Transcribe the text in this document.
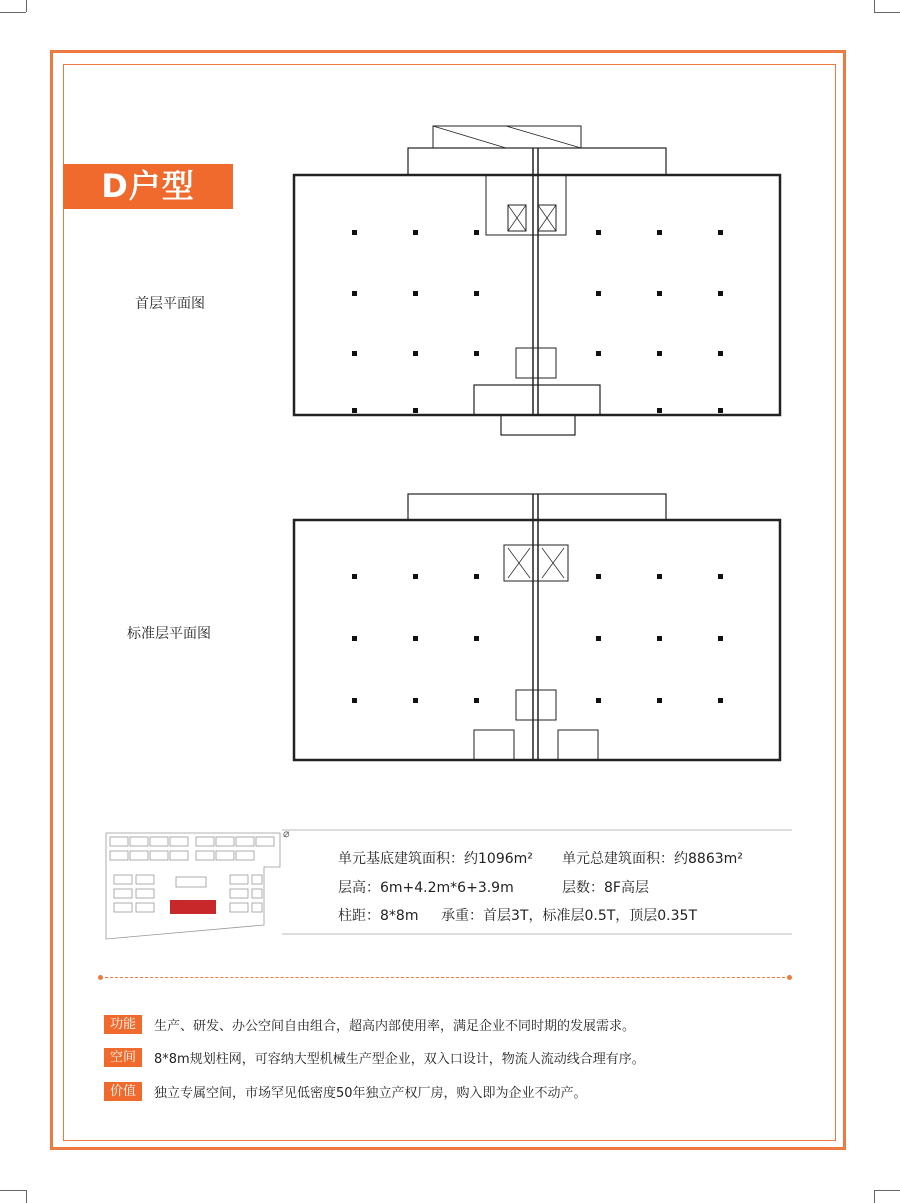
D户型
首层平面图
标准层平面图
⌀
单元基底建筑面积：约1096m² 单元总建筑面积：约8863m²
层高：6m+4.2m*6+3.9m	层数：8F高层
柱距：8*8m 承重：首层3T，标准层0.5T，顶层0.35T
功能 生产、研发、办公空间自由组合，超高内部使用率，满足企业不同时期的发展需求。
空间 8*8m规划柱网，可容纳大型机械生产型企业，双入口设计，物流人流动线合理有序。
价值 独立专属空间，市场罕见低密度50年独立产权厂房，购入即为企业不动产。
